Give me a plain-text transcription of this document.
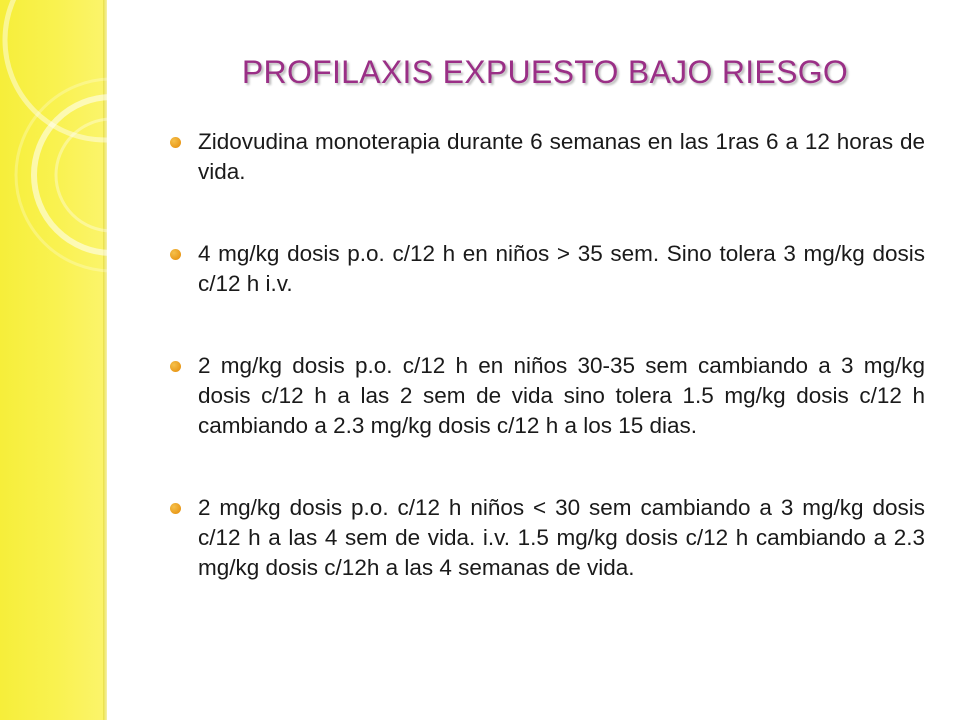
PROFILAXIS EXPUESTO BAJO RIESGO
Zidovudina monoterapia durante 6 semanas en las 1ras 6 a 12 horas de vida.
4 mg/kg dosis p.o. c/12 h en niños > 35 sem. Sino tolera 3 mg/kg dosis c/12 h i.v.
2 mg/kg dosis p.o. c/12 h en niños 30-35 sem cambiando a 3 mg/kg dosis c/12 h a las 2 sem de vida sino tolera 1.5 mg/kg dosis c/12 h cambiando a 2.3 mg/kg dosis c/12 h a los 15 dias.
2 mg/kg dosis p.o. c/12 h niños < 30 sem cambiando a 3 mg/kg dosis c/12 h a las 4 sem de vida. i.v. 1.5 mg/kg dosis c/12 h cambiando a 2.3 mg/kg dosis c/12h a las 4 semanas de vida.
